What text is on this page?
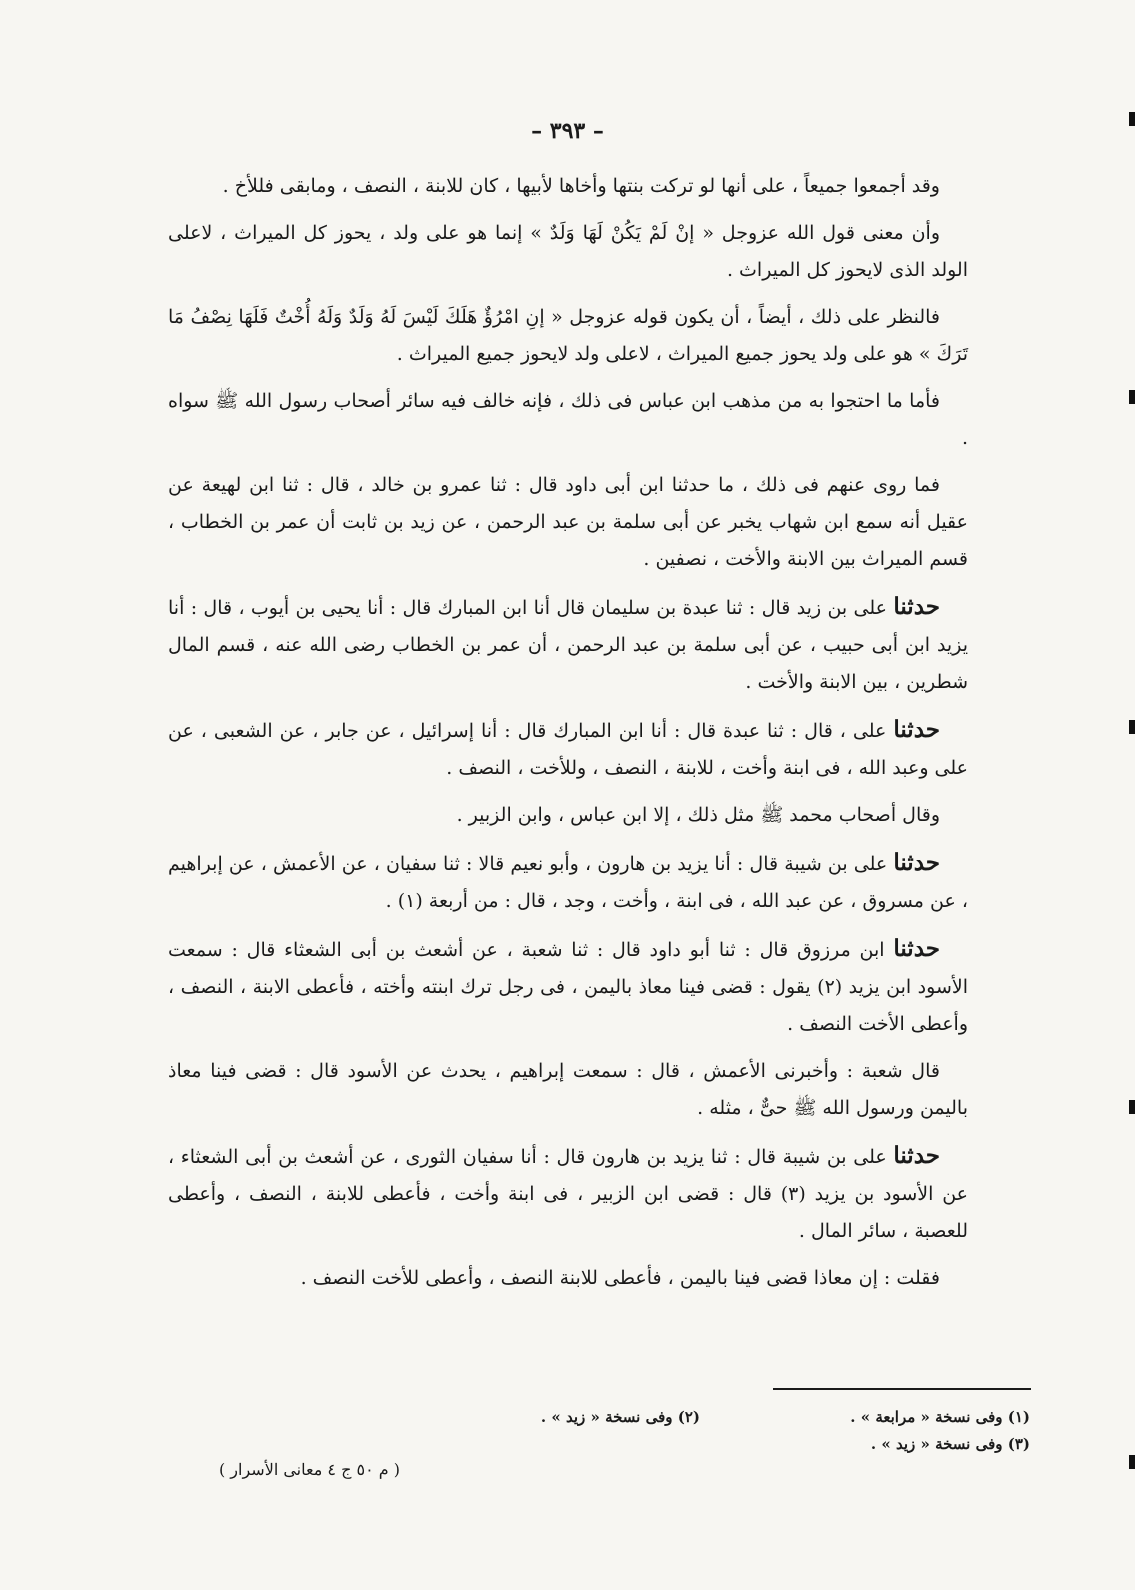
– ٣٩٣ –

وقد أجمعوا جميعاً ، على أنها لو تركت بنتها وأخاها لأبيها ، كان للابنة ، النصف ، ومابقى فللأخ .

وأن معنى قول الله عزوجل « إنْ لَمْ يَكُنْ لَهَا وَلَدٌ » إنما هو على ولد ، يحوز كل الميراث ، لاعلى الولد الذى لايحوز كل الميراث .

فالنظر على ذلك ، أيضاً ، أن يكون قوله عزوجل « إنِ امْرُؤٌ هَلَكَ لَيْسَ لَهُ وَلَدٌ وَلَهُ أُخْتٌ فَلَهَا نِصْفُ مَا تَرَكَ » هو على ولد يحوز جميع الميراث ، لاعلى ولد لايحوز جميع الميراث .

فأما ما احتجوا به من مذهب ابن عباس فى ذلك ، فإنه خالف فيه سائر أصحاب رسول الله ﷺ سواه .

فما روى عنهم فى ذلك ، ما حدثنا ابن أبى داود قال : ثنا عمرو بن خالد ، قال : ثنا ابن لهيعة عن عقيل أنه سمع ابن شهاب يخبر عن أبى سلمة بن عبد الرحمن ، عن زيد بن ثابت أن عمر بن الخطاب ، قسم الميراث بين الابنة والأخت ، نصفين .

حدثنا على بن زيد قال : ثنا عبدة بن سليمان قال أنا ابن المبارك قال : أنا يحيى بن أيوب ، قال : أنا يزيد ابن أبى حبيب ، عن أبى سلمة بن عبد الرحمن ، أن عمر بن الخطاب رضى الله عنه ، قسم المال شطرين ، بين الابنة والأخت .

حدثنا على ، قال : ثنا عبدة قال : أنا ابن المبارك قال : أنا إسرائيل ، عن جابر ، عن الشعبى ، عن على وعبد الله ، فى ابنة وأخت ، للابنة ، النصف ، وللأخت ، النصف .

وقال أصحاب محمد ﷺ مثل ذلك ، إلا ابن عباس ، وابن الزبير .

حدثنا على بن شيبة قال : أنا يزيد بن هارون ، وأبو نعيم قالا : ثنا سفيان ، عن الأعمش ، عن إبراهيم ، عن مسروق ، عن عبد الله ، فى ابنة ، وأخت ، وجد ، قال : من أربعة (١) .

حدثنا ابن مرزوق قال : ثنا أبو داود قال : ثنا شعبة ، عن أشعث بن أبى الشعثاء قال : سمعت الأسود ابن يزيد (٢) يقول : قضى فينا معاذ باليمن ، فى رجل ترك ابنته وأخته ، فأعطى الابنة ، النصف ، وأعطى الأخت النصف .

قال شعبة : وأخبرنى الأعمش ، قال : سمعت إبراهيم ، يحدث عن الأسود قال : قضى فينا معاذ باليمن ورسول الله ﷺ حىٌّ ، مثله .

حدثنا على بن شيبة قال : ثنا يزيد بن هارون قال : أنا سفيان الثورى ، عن أشعث بن أبى الشعثاء ، عن الأسود بن يزيد (٣) قال : قضى ابن الزبير ، فى ابنة وأخت ، فأعطى للابنة ، النصف ، وأعطى للعصبة ، سائر المال .

فقلت : إن معاذا قضى فينا باليمن ، فأعطى للابنة النصف ، وأعطى للأخت النصف .

(١) وفى نسخة « مرابعة » .
(٢) وفى نسخة « زيد » .
(٣) وفى نسخة « زيد » .
( م ٥٠ ج ٤ معانى الأسرار )
